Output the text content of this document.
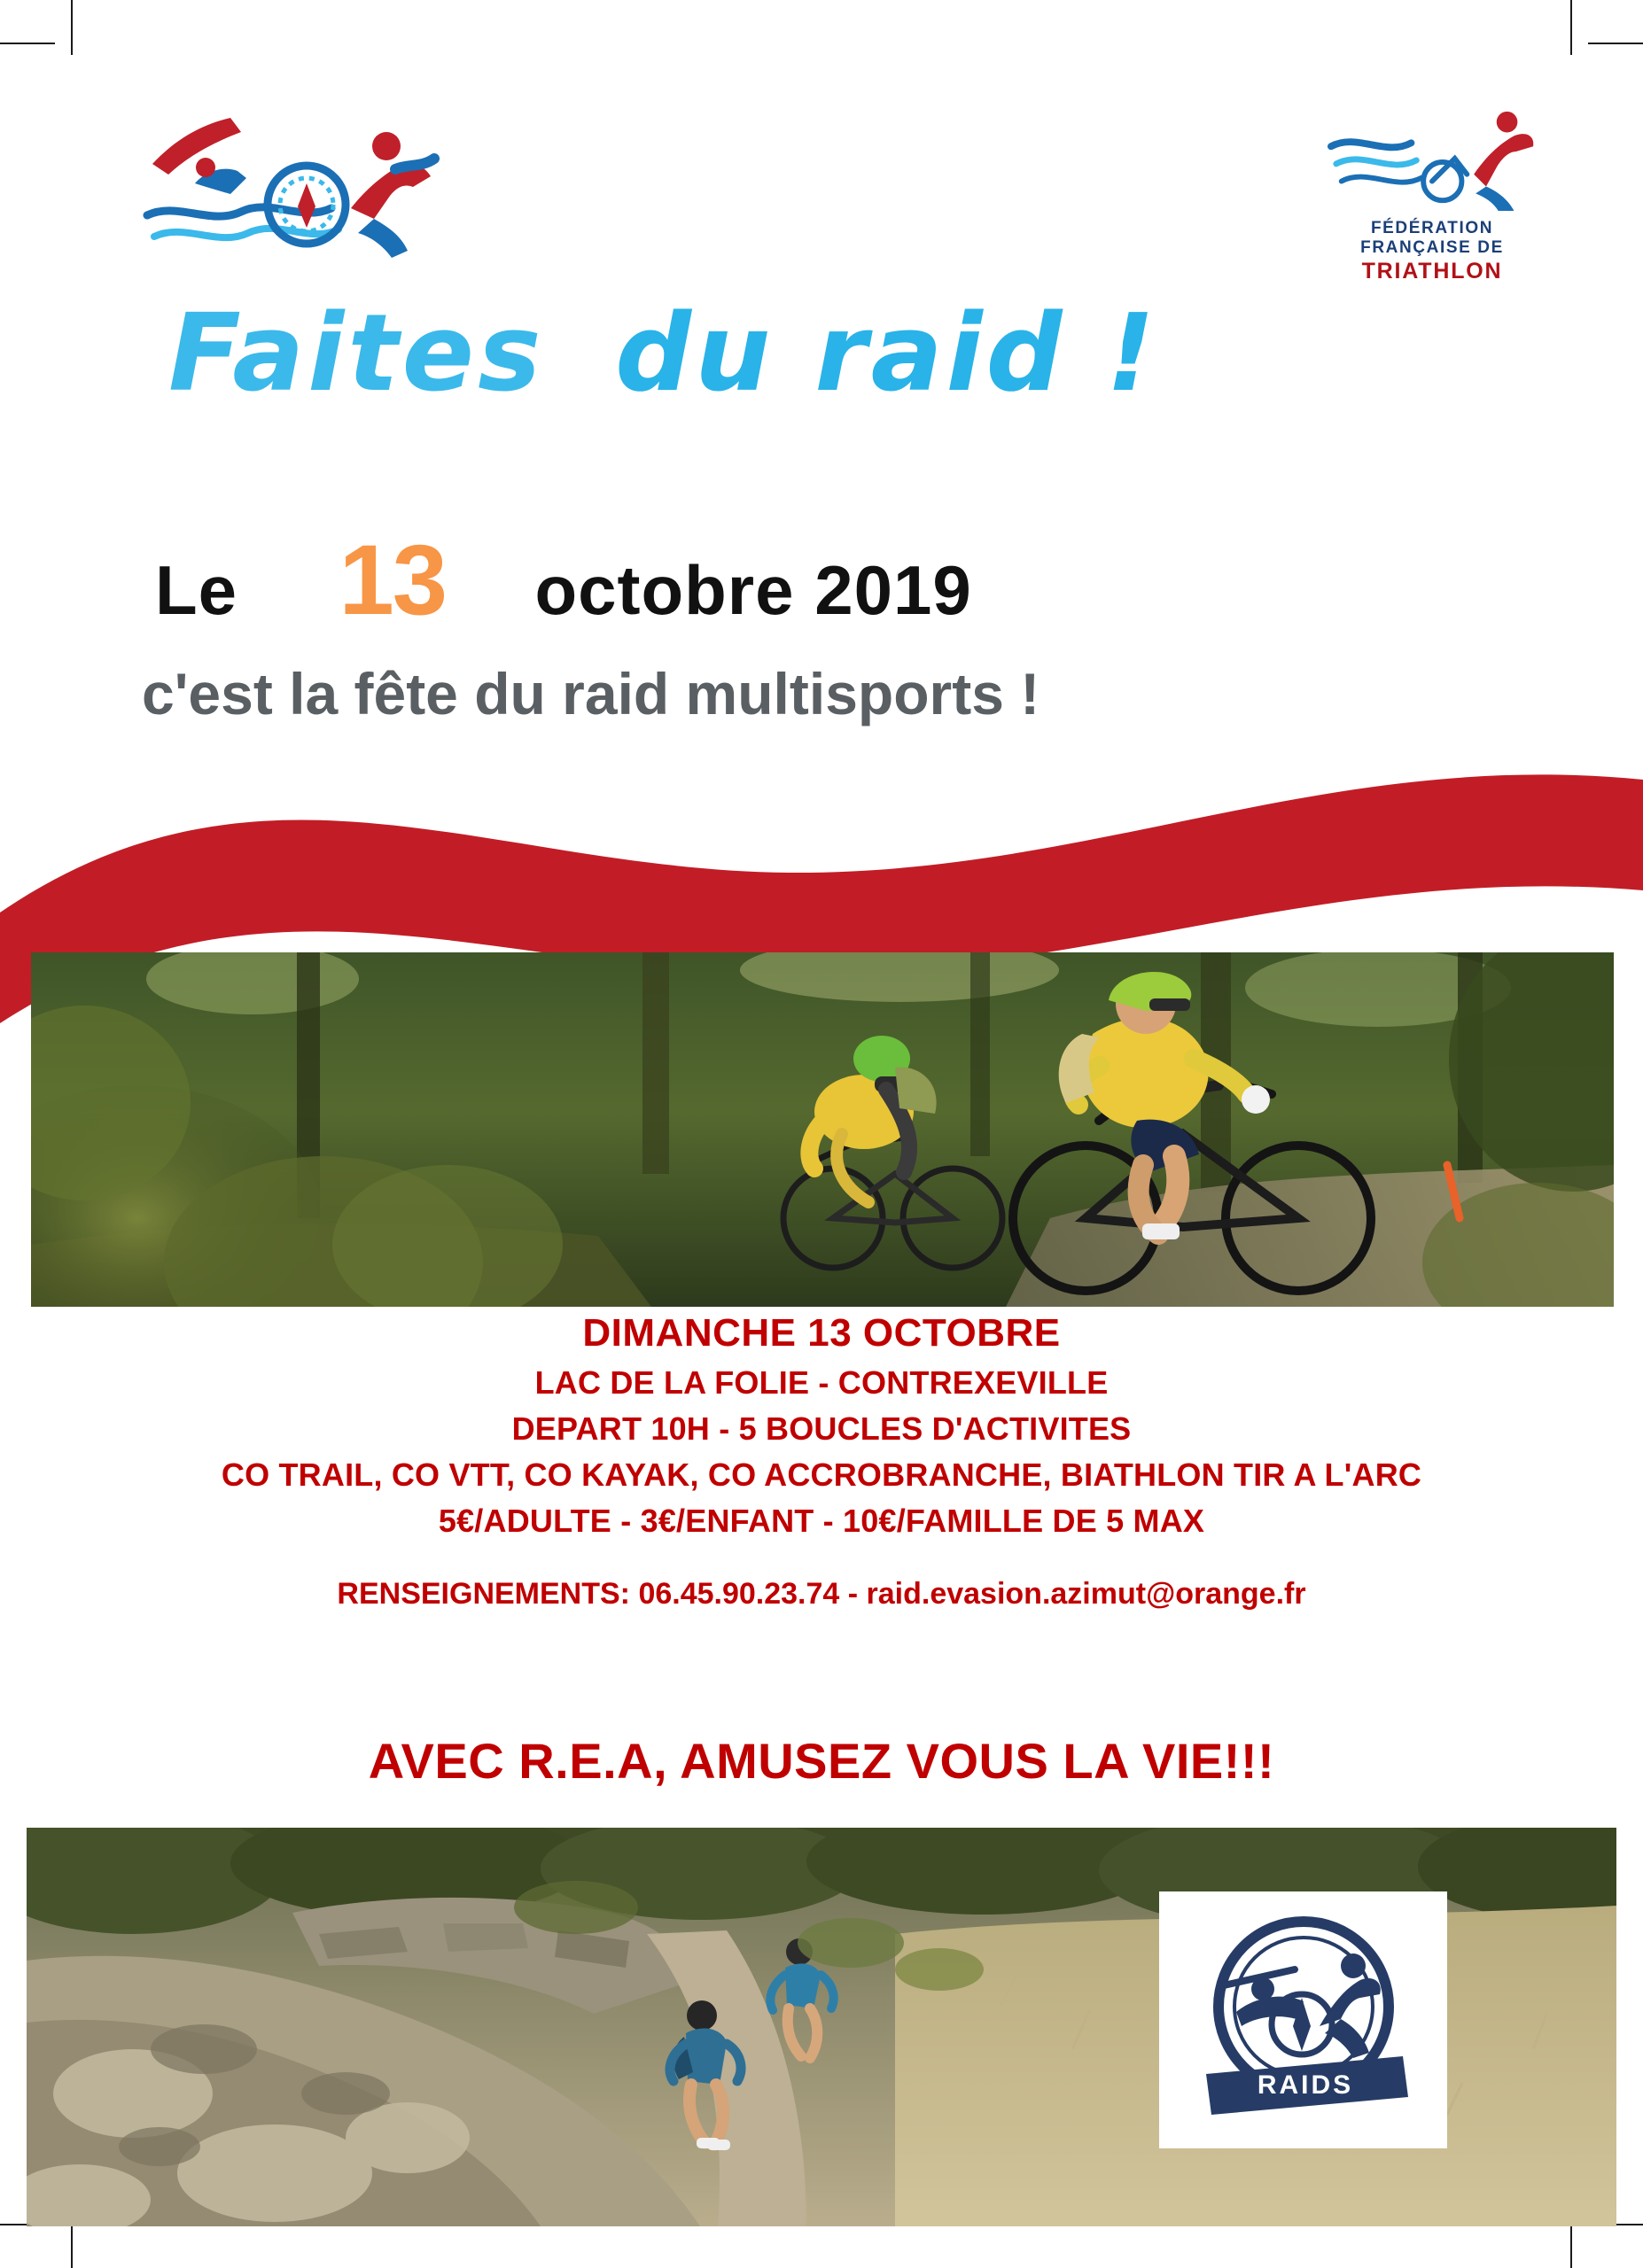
FÉDÉRATION
FRANÇAISE DE
TRIATHLON
Faites du raid !
Le 13 octobre 2019
c'est la fête du raid multisports !
DIMANCHE 13 OCTOBRE
LAC DE LA FOLIE - CONTREXEVILLE
DEPART 10H - 5 BOUCLES D'ACTIVITES
CO TRAIL, CO VTT, CO KAYAK, CO ACCROBRANCHE, BIATHLON TIR A L'ARC
5€/ADULTE - 3€/ENFANT - 10€/FAMILLE DE 5 MAX
RENSEIGNEMENTS: 06.45.90.23.74 - raid.evasion.azimut@orange.fr
AVEC R.E.A, AMUSEZ VOUS LA VIE!!!
RAIDS
